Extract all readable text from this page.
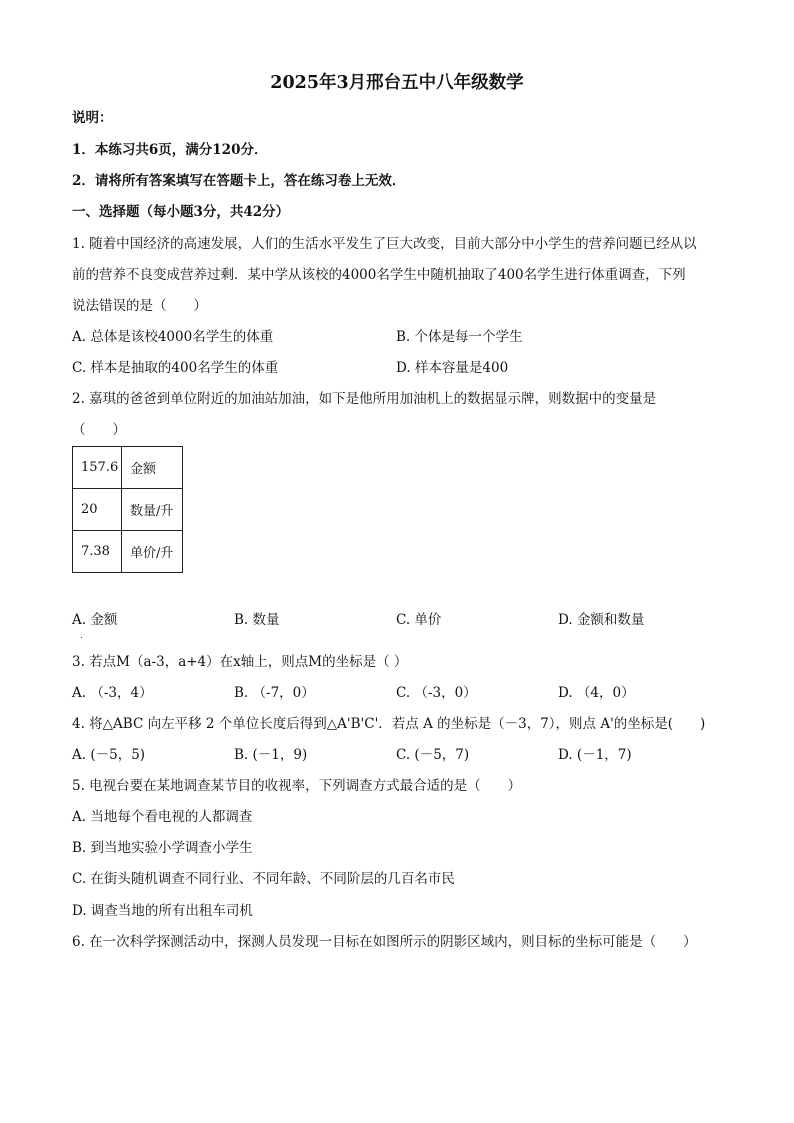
2025年3月邢台五中八年级数学
说明：
1．本练习共6页，满分120分．
2．请将所有答案填写在答题卡上，答在练习卷上无效．
一、选择题（每小题3分，共42分）
1. 随着中国经济的高速发展，人们的生活水平发生了巨大改变，目前大部分中小学生的营养问题已经从以
前的营养不良变成营养过剩．某中学从该校的4000名学生中随机抽取了400名学生进行体重调查，下列
说法错误的是（　　）
A. 总体是该校4000名学生的体重	B. 个体是每一个学生
C. 样本是抽取的400名学生的体重	D. 样本容量是400
2. 嘉琪的爸爸到单位附近的加油站加油，如下是他所用加油机上的数据显示牌，则数据中的变量是
（　　）
157.6	金额
20	数量/升
7.38	单价/升
A. 金额
.
B. 数量	C. 单价	D. 金额和数量
3. 若点M（a-3，a+4）在x轴上，则点M的坐标是（ ）
A. （-3，4）	B. （-7，0）	C. （-3，0）	D. （4，0）
4. 将△ABC 向左平移 2 个单位长度后得到△A'B'C'．若点 A 的坐标是（－3，7），则点 A'的坐标是(　　)
A. (－5，5)	B. (－1，9)	C. (－5，7)	D. (－1，7)
5. 电视台要在某地调查某节目的收视率，下列调查方式最合适的是（　　）
A. 当地每个看电视的人都调查
B. 到当地实验小学调查小学生
C. 在街头随机调查不同行业、不同年龄、不同阶层的几百名市民
D. 调查当地的所有出租车司机
6. 在一次科学探测活动中，探测人员发现一目标在如图所示的阴影区域内，则目标的坐标可能是（　　）
